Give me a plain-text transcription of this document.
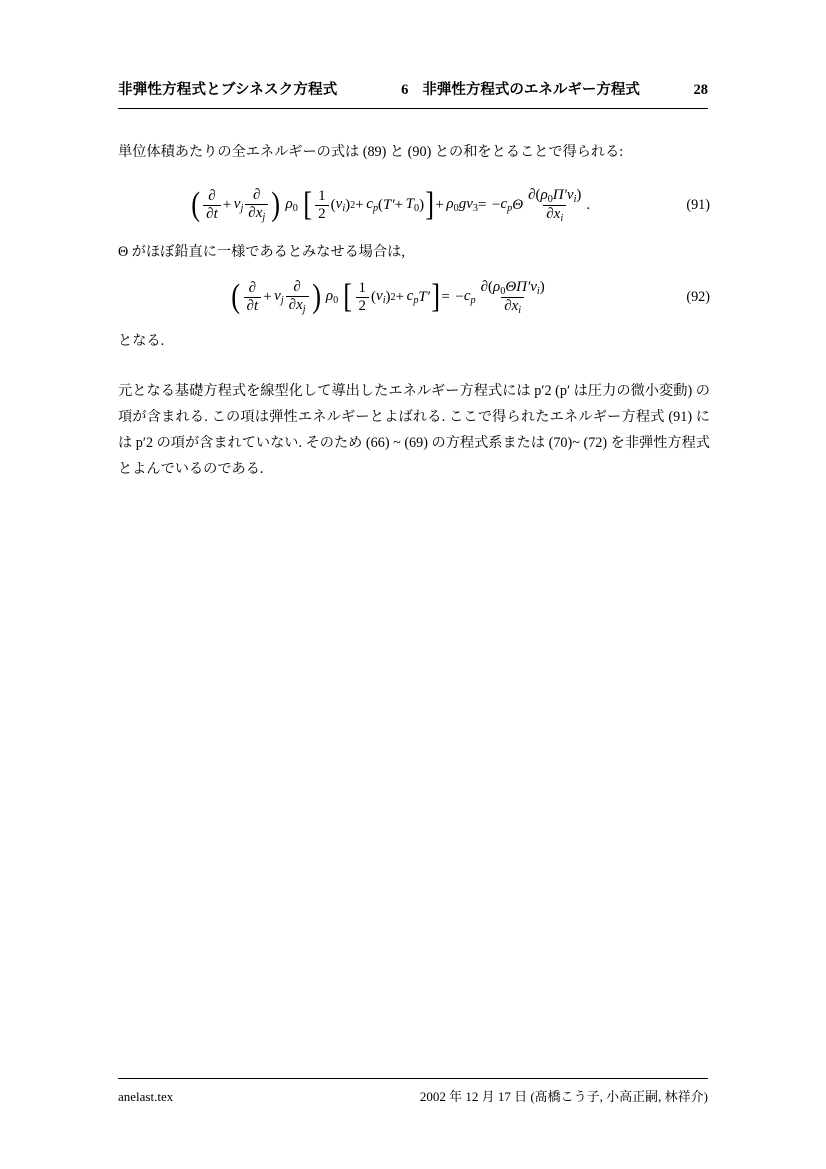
非弾性方程式とブシネスク方程式	6 非弾性方程式のエネルギー方程式	28
単位体積あたりの全エネルギーの式は (89) と (90) との和をとることで得られる:
( $\frac{\partial}{\partial t} + v_j \frac{\partial}{\partial x_j}$ ) ρ0 [ $\frac{1}{2}$ ( $v_i$ ) $2 + c_p$ ( T′ + T0 ) ] + ρ0 gv3 = − $c_p$ Θ $\frac{\partial(\rho 0\Pi'v_i)}{\partial x_i}$ .	(91)
Θ がほぼ鉛直に一様であるとみなせる場合は,
( $\frac{\partial}{\partial t} + v_j \frac{\partial}{\partial x_j}$ ) ρ0 [ $\frac{1}{2}$ ( $v_i$ ) $2 + c_p$ T′ ] = − $c_p \frac{\partial(\rho 0\Theta\Pi'v_i)}{\partial x_i}$	(92)
となる.
元となる基礎方程式を線型化して導出したエネルギー方程式には p′2 (p′ は圧力の微小変動) の項が含まれる. この項は弾性エネルギーとよばれる. ここで得られたエネルギー方程式 (91) には p′2 の項が含まれていない. そのため (66) ~ (69) の方程式系または (70)~ (72) を非弾性方程式とよんでいるのである.
anelast.tex	2002 年 12 月 17 日 (髙橋こう子, 小高正嗣, 林祥介)
